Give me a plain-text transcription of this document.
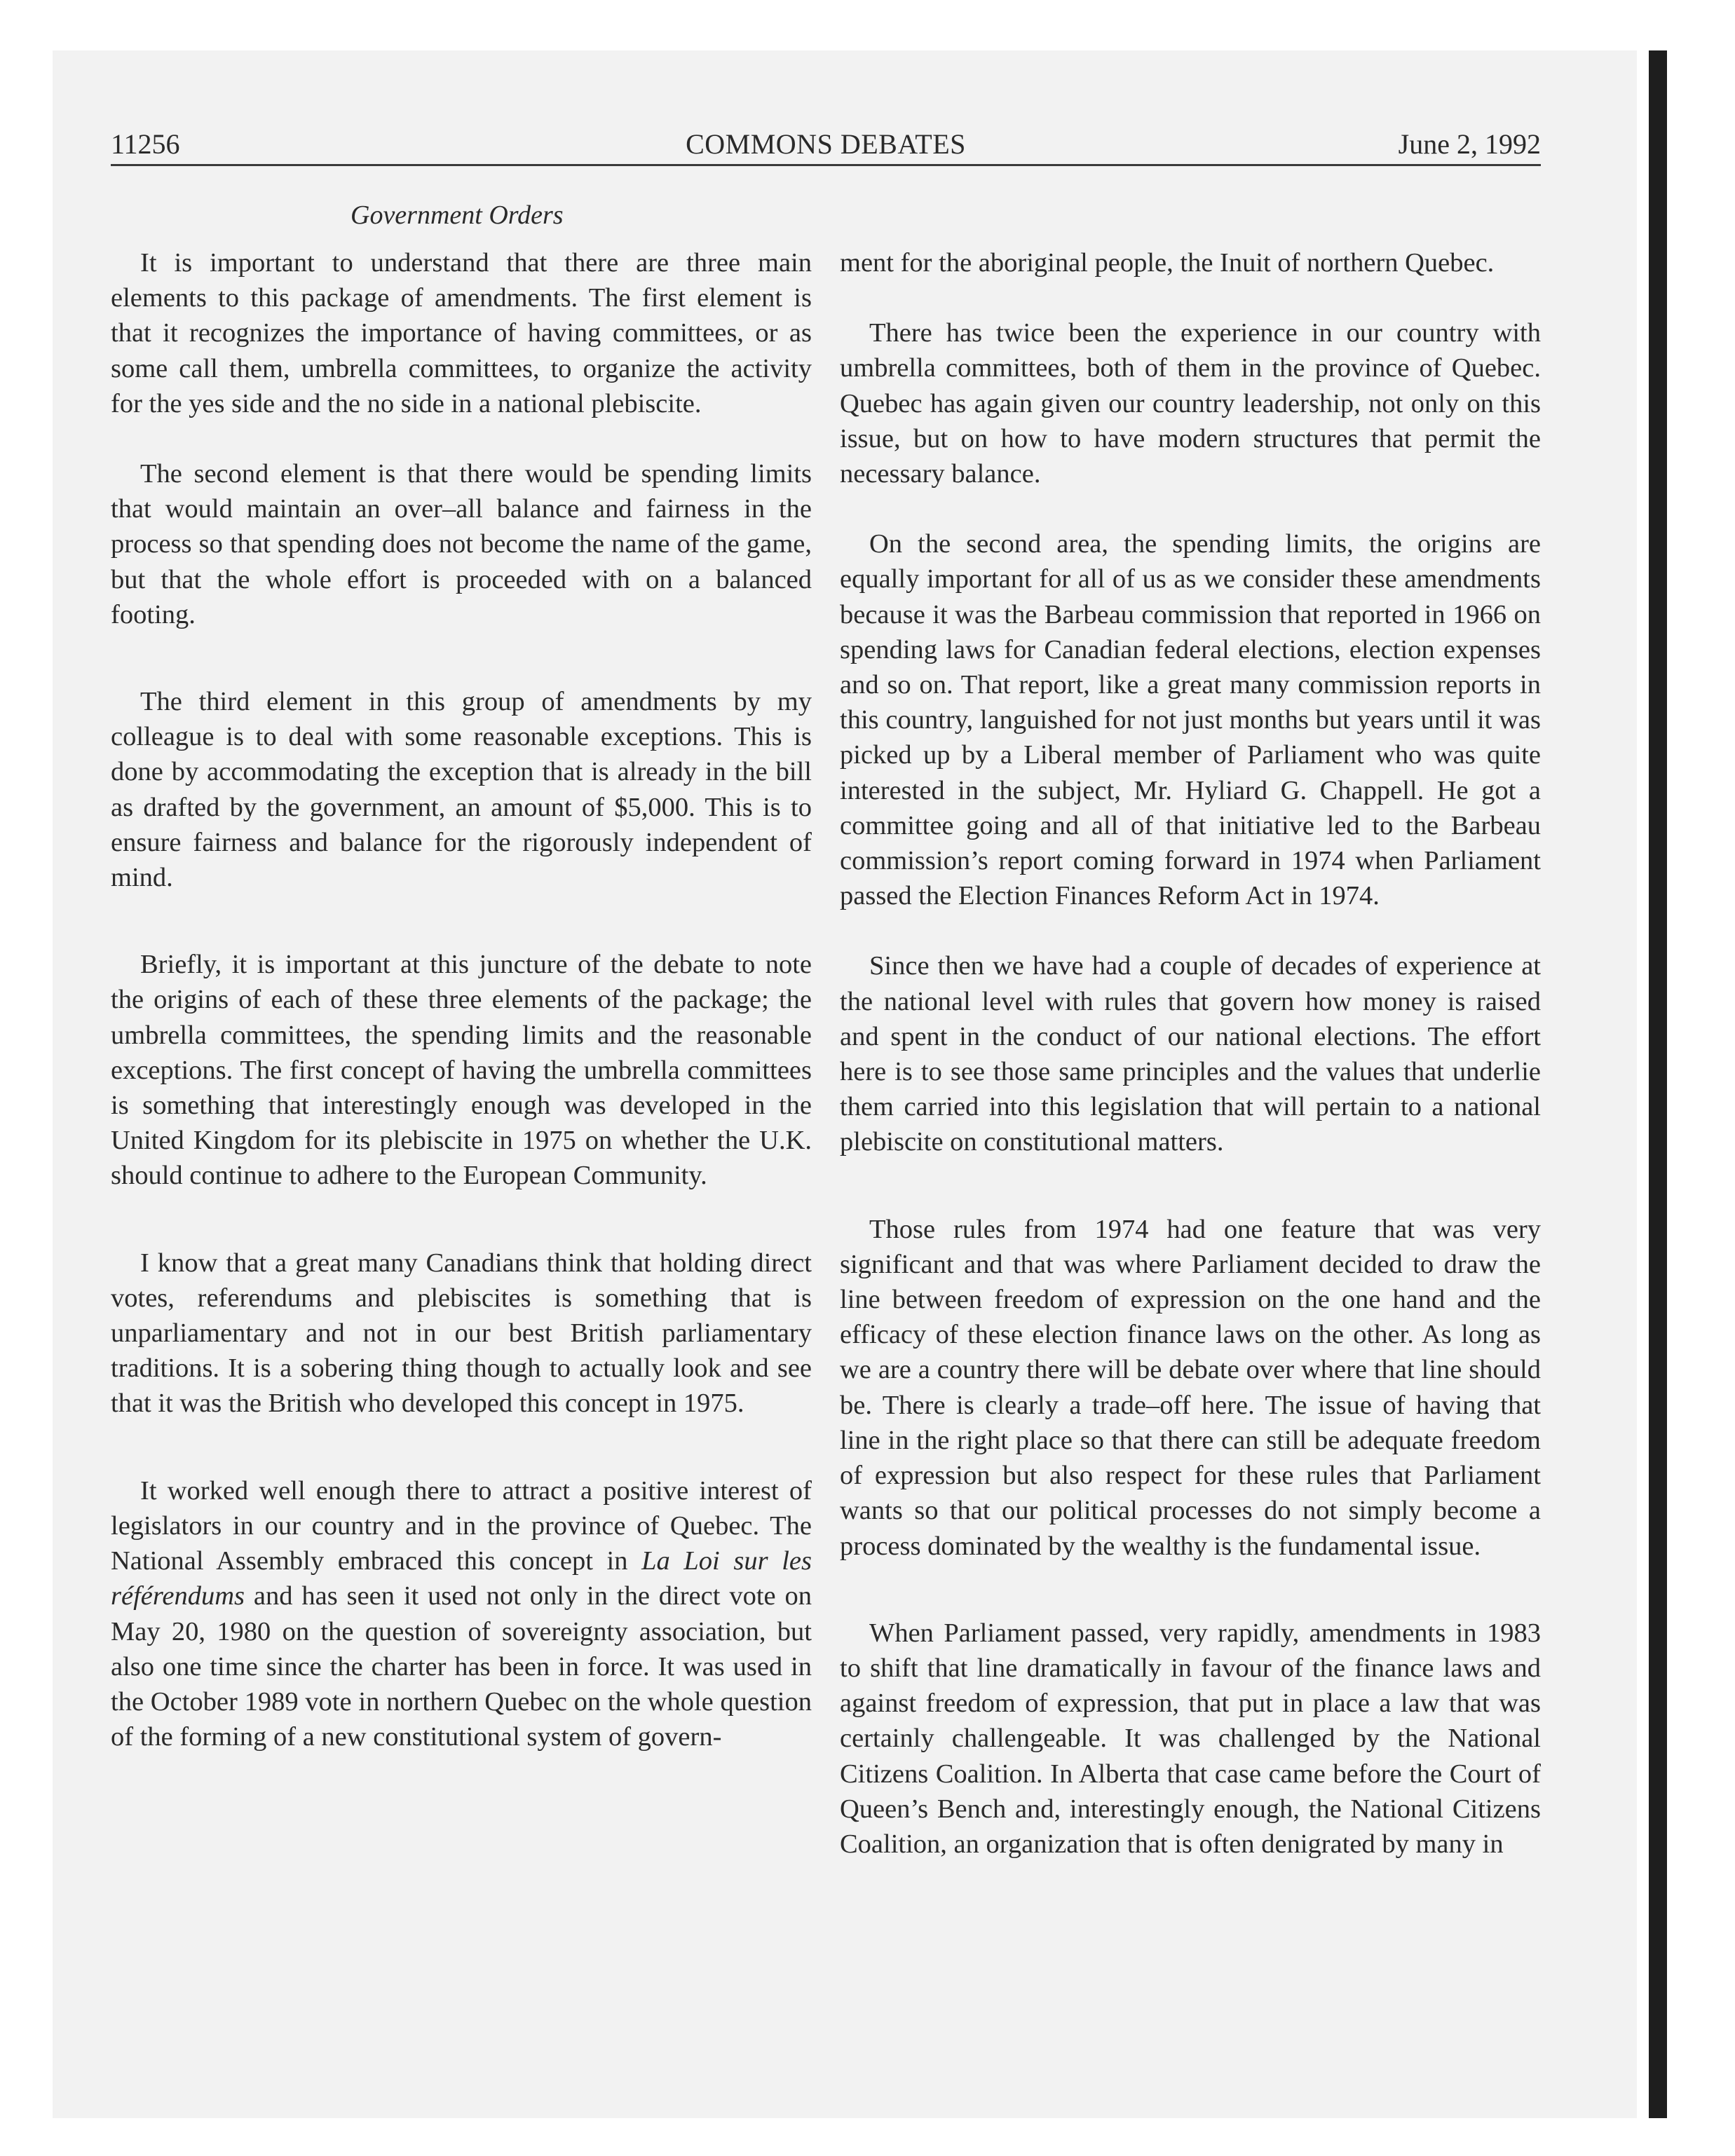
11256	COMMONS DEBATES	June 2, 1992
Government Orders

It is important to understand that there are three main elements to this package of amendments. The first element is that it recognizes the importance of having committees, or as some call them, umbrella committees, to organize the activity for the yes side and the no side in a national plebiscite.

The second element is that there would be spending limits that would maintain an over–all balance and fairness in the process so that spending does not become the name of the game, but that the whole effort is proceeded with on a balanced footing.

The third element in this group of amendments by my colleague is to deal with some reasonable exceptions. This is done by accommodating the exception that is already in the bill as drafted by the government, an amount of $5,000. This is to ensure fairness and balance for the rigorously independent of mind.

Briefly, it is important at this juncture of the debate to note the origins of each of these three elements of the package; the umbrella committees, the spending limits and the reasonable exceptions. The first concept of having the umbrella committees is something that interestingly enough was developed in the United Kingdom for its plebiscite in 1975 on whether the U.K. should continue to adhere to the European Community.

I know that a great many Canadians think that holding direct votes, referendums and plebiscites is something that is unparliamentary and not in our best British parliamentary traditions. It is a sobering thing though to actually look and see that it was the British who developed this concept in 1975.

It worked well enough there to attract a positive interest of legislators in our country and in the province of Quebec. The National Assembly embraced this concept in La Loi sur les référendums and has seen it used not only in the direct vote on May 20, 1980 on the question of sovereignty association, but also one time since the charter has been in force. It was used in the October 1989 vote in northern Quebec on the whole question of the forming of a new constitutional system of govern-

ment for the aboriginal people, the Inuit of northern Quebec.

There has twice been the experience in our country with umbrella committees, both of them in the province of Quebec. Quebec has again given our country leadership, not only on this issue, but on how to have modern structures that permit the necessary balance.

On the second area, the spending limits, the origins are equally important for all of us as we consider these amendments because it was the Barbeau commission that reported in 1966 on spending laws for Canadian federal elections, election expenses and so on. That report, like a great many commission reports in this country, languished for not just months but years until it was picked up by a Liberal member of Parliament who was quite interested in the subject, Mr. Hyliard G. Chappell. He got a committee going and all of that initiative led to the Barbeau commission’s report coming forward in 1974 when Parliament passed the Election Finances Reform Act in 1974.

Since then we have had a couple of decades of experience at the national level with rules that govern how money is raised and spent in the conduct of our national elections. The effort here is to see those same principles and the values that underlie them carried into this legislation that will pertain to a national plebiscite on constitutional matters.

Those rules from 1974 had one feature that was very significant and that was where Parliament decided to draw the line between freedom of expression on the one hand and the efficacy of these election finance laws on the other. As long as we are a country there will be debate over where that line should be. There is clearly a trade–off here. The issue of having that line in the right place so that there can still be adequate freedom of expression but also respect for these rules that Parliament wants so that our political processes do not simply become a process dominated by the wealthy is the fundamental issue.

When Parliament passed, very rapidly, amendments in 1983 to shift that line dramatically in favour of the finance laws and against freedom of expression, that put in place a law that was certainly challengeable. It was challenged by the National Citizens Coalition. In Alberta that case came before the Court of Queen’s Bench and, interestingly enough, the National Citizens Coalition, an organization that is often denigrated by many in
